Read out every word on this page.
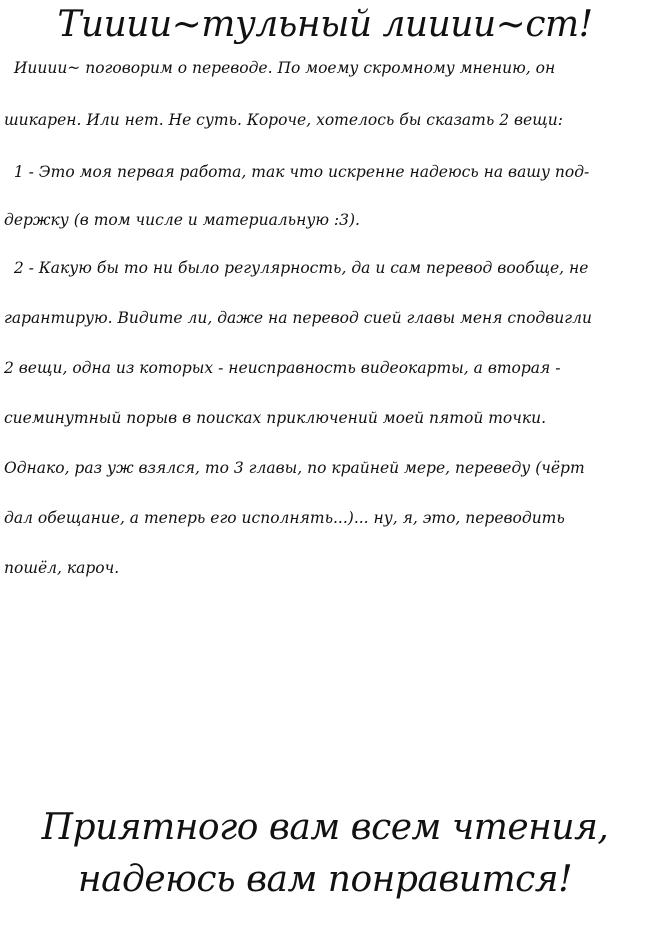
Тииии~тульный лииии~ст!

Иииии~ поговорим о переводе. По моему скромному мнению, он

шикарен. Или нет. Не суть. Короче, хотелось бы сказать 2 вещи:

1 - Это моя первая работа, так что искренне надеюсь на вашу под-

держку (в том числе и материальную :3).

2 - Какую бы то ни было регулярность, да и сам перевод вообще, не

гарантирую. Видите ли, даже на перевод сией главы меня сподвигли

2 вещи, одна из которых - неисправность видеокарты, а вторая -

сиеминутный порыв в поисках приключений моей пятой точки.

Однако, раз уж взялся, то 3 главы, по крайней мере, переведу (чёрт

дал обещание, а теперь его исполнять...)... ну, я, это, переводить

пошёл, кароч.

Приятного вам всем чтения,
надеюсь вам понравится!
